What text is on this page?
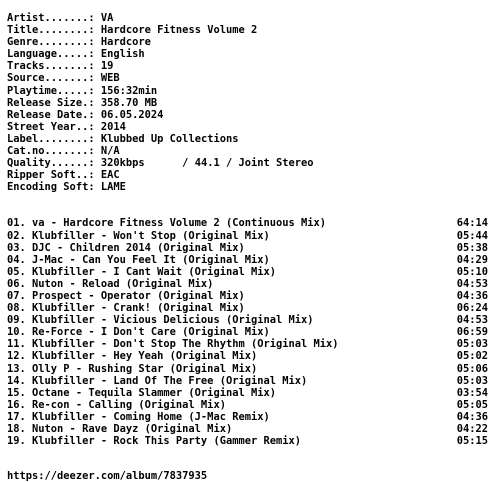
Artist.......: VA
Title........: Hardcore Fitness Volume 2
Genre........: Hardcore
Language.....: English
Tracks.......: 19
Source.......: WEB
Playtime.....: 156:32min
Release Size.: 358.70 MB
Release Date.: 06.05.2024
Street Year..: 2014
Label........: Klubbed Up Collections
Cat.no.......: N/A
Quality......: 320kbps      / 44.1 / Joint Stereo
Ripper Soft..: EAC
Encoding Soft: LAME
01. va - Hardcore Fitness Volume 2 (Continuous Mix)	64:14
02. Klubfiller - Won't Stop (Original Mix)	05:44
03. DJC - Children 2014 (Original Mix)	05:38
04. J-Mac - Can You Feel It (Original Mix)	04:29
05. Klubfiller - I Cant Wait (Original Mix)	05:10
06. Nuton - Reload (Original Mix)	04:53
07. Prospect - Operator (Original Mix)	04:36
08. Klubfiller - Crank! (Original Mix)	06:24
09. Klubfiller - Vicious Delicious (Original Mix)	04:53
10. Re-Force - I Don't Care (Original Mix)	06:59
11. Klubfiller - Don't Stop The Rhythm (Original Mix)	05:03
12. Klubfiller - Hey Yeah (Original Mix)	05:02
13. Olly P - Rushing Star (Original Mix)	05:06
14. Klubfiller - Land Of The Free (Original Mix)	05:03
15. Octane - Tequila Slammer (Original Mix)	03:54
16. Re-con - Calling (Original Mix)	05:05
17. Klubfiller - Coming Home (J-Mac Remix)	04:36
18. Nuton - Rave Dayz (Original Mix)	04:22
19. Klubfiller - Rock This Party (Gammer Remix)	05:15
https://deezer.com/album/7837935
